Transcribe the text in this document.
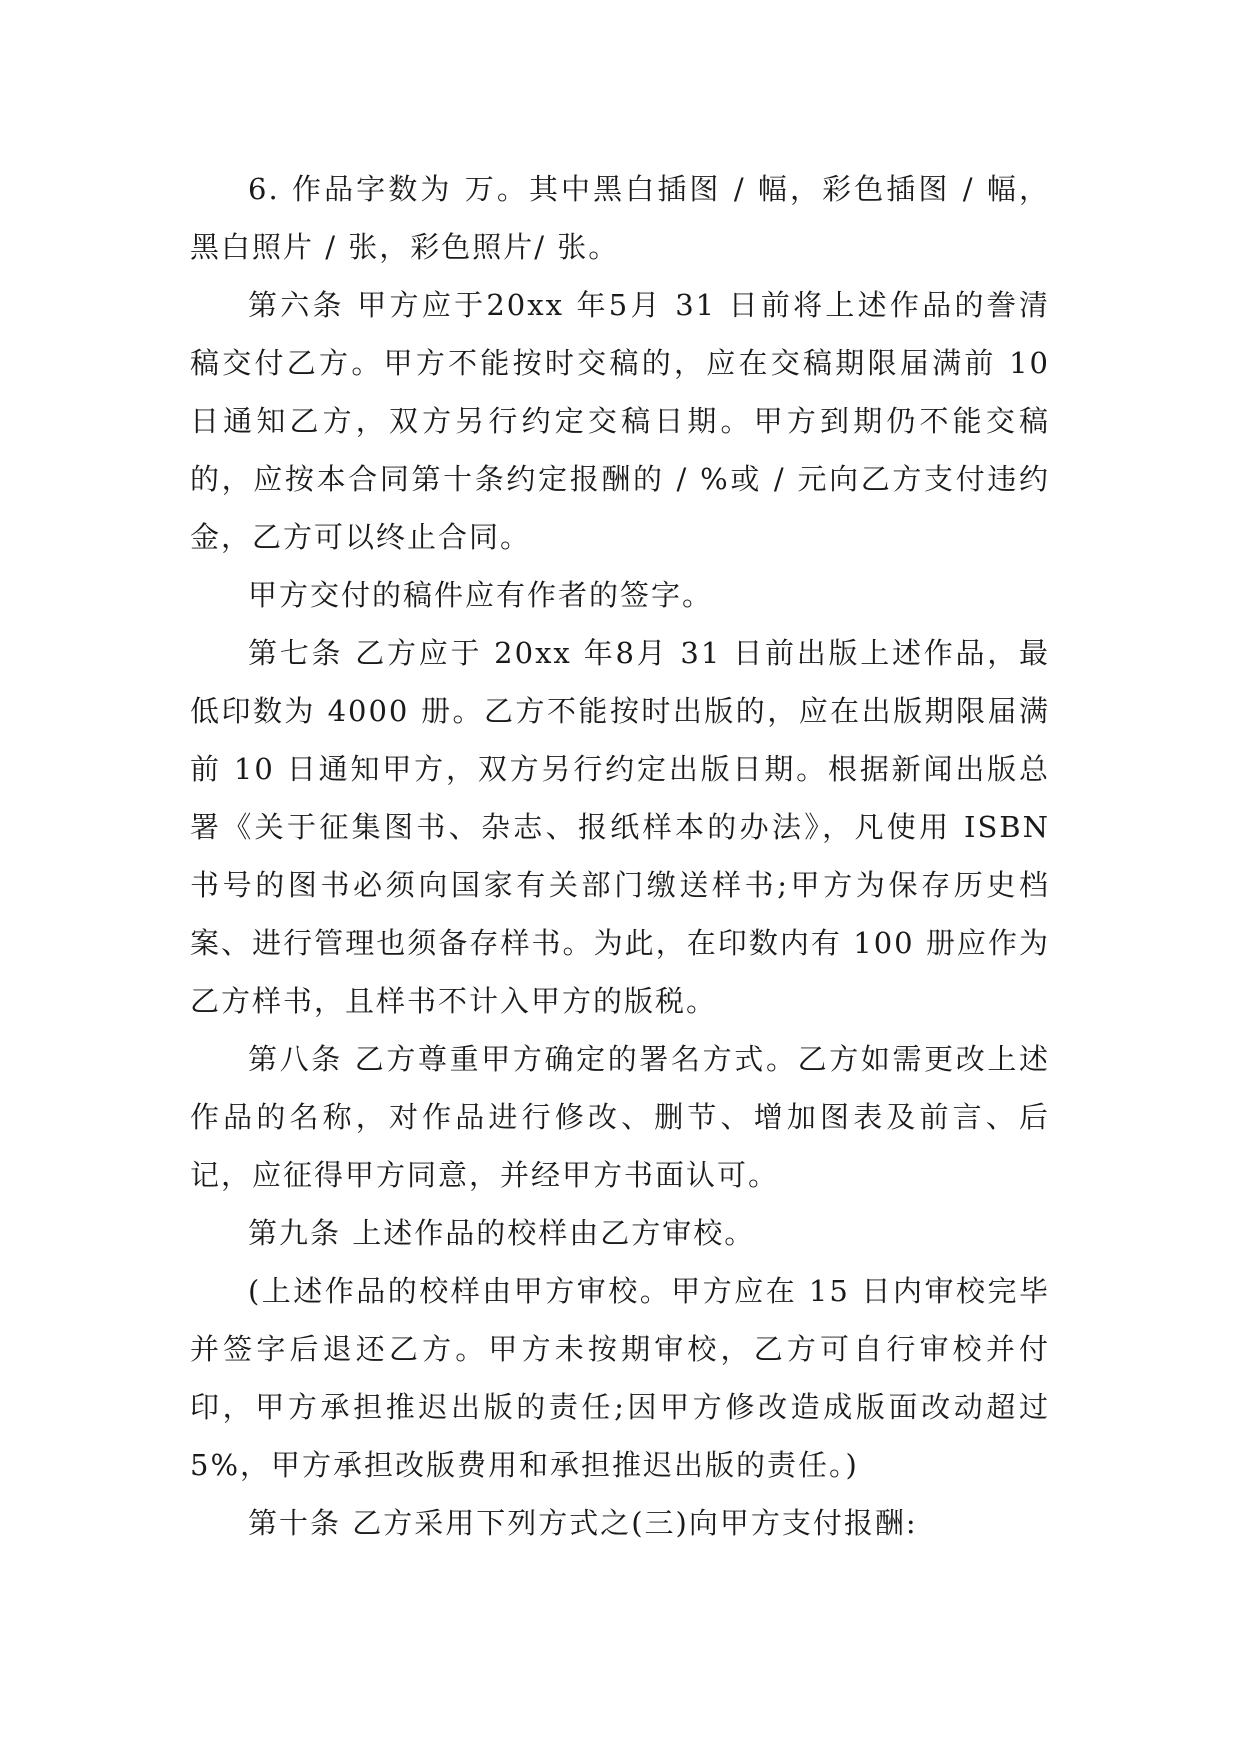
6. 作品字数为 万。其中黑白插图 / 幅，彩色插图 / 幅，黑白照片 / 张，彩色照片/ 张。

第六条 甲方应于20xx 年5月 31 日前将上述作品的誊清稿交付乙方。甲方不能按时交稿的，应在交稿期限届满前 10 日通知乙方，双方另行约定交稿日期。甲方到期仍不能交稿的，应按本合同第十条约定报酬的 / %或 / 元向乙方支付违约金，乙方可以终止合同。

甲方交付的稿件应有作者的签字。

第七条 乙方应于 20xx 年8月 31 日前出版上述作品，最低印数为 4000 册。乙方不能按时出版的，应在出版期限届满前 10 日通知甲方，双方另行约定出版日期。根据新闻出版总署《关于征集图书、杂志、报纸样本的办法》，凡使用 ISBN 书号的图书必须向国家有关部门缴送样书;甲方为保存历史档案、进行管理也须备存样书。为此，在印数内有 100 册应作为乙方样书，且样书不计入甲方的版税。

第八条 乙方尊重甲方确定的署名方式。乙方如需更改上述作品的名称，对作品进行修改、删节、增加图表及前言、后记，应征得甲方同意，并经甲方书面认可。

第九条 上述作品的校样由乙方审校。

(上述作品的校样由甲方审校。甲方应在 15 日内审校完毕并签字后退还乙方。甲方未按期审校，乙方可自行审校并付印，甲方承担推迟出版的责任;因甲方修改造成版面改动超过 5%，甲方承担改版费用和承担推迟出版的责任。)

第十条 乙方采用下列方式之(三)向甲方支付报酬:
